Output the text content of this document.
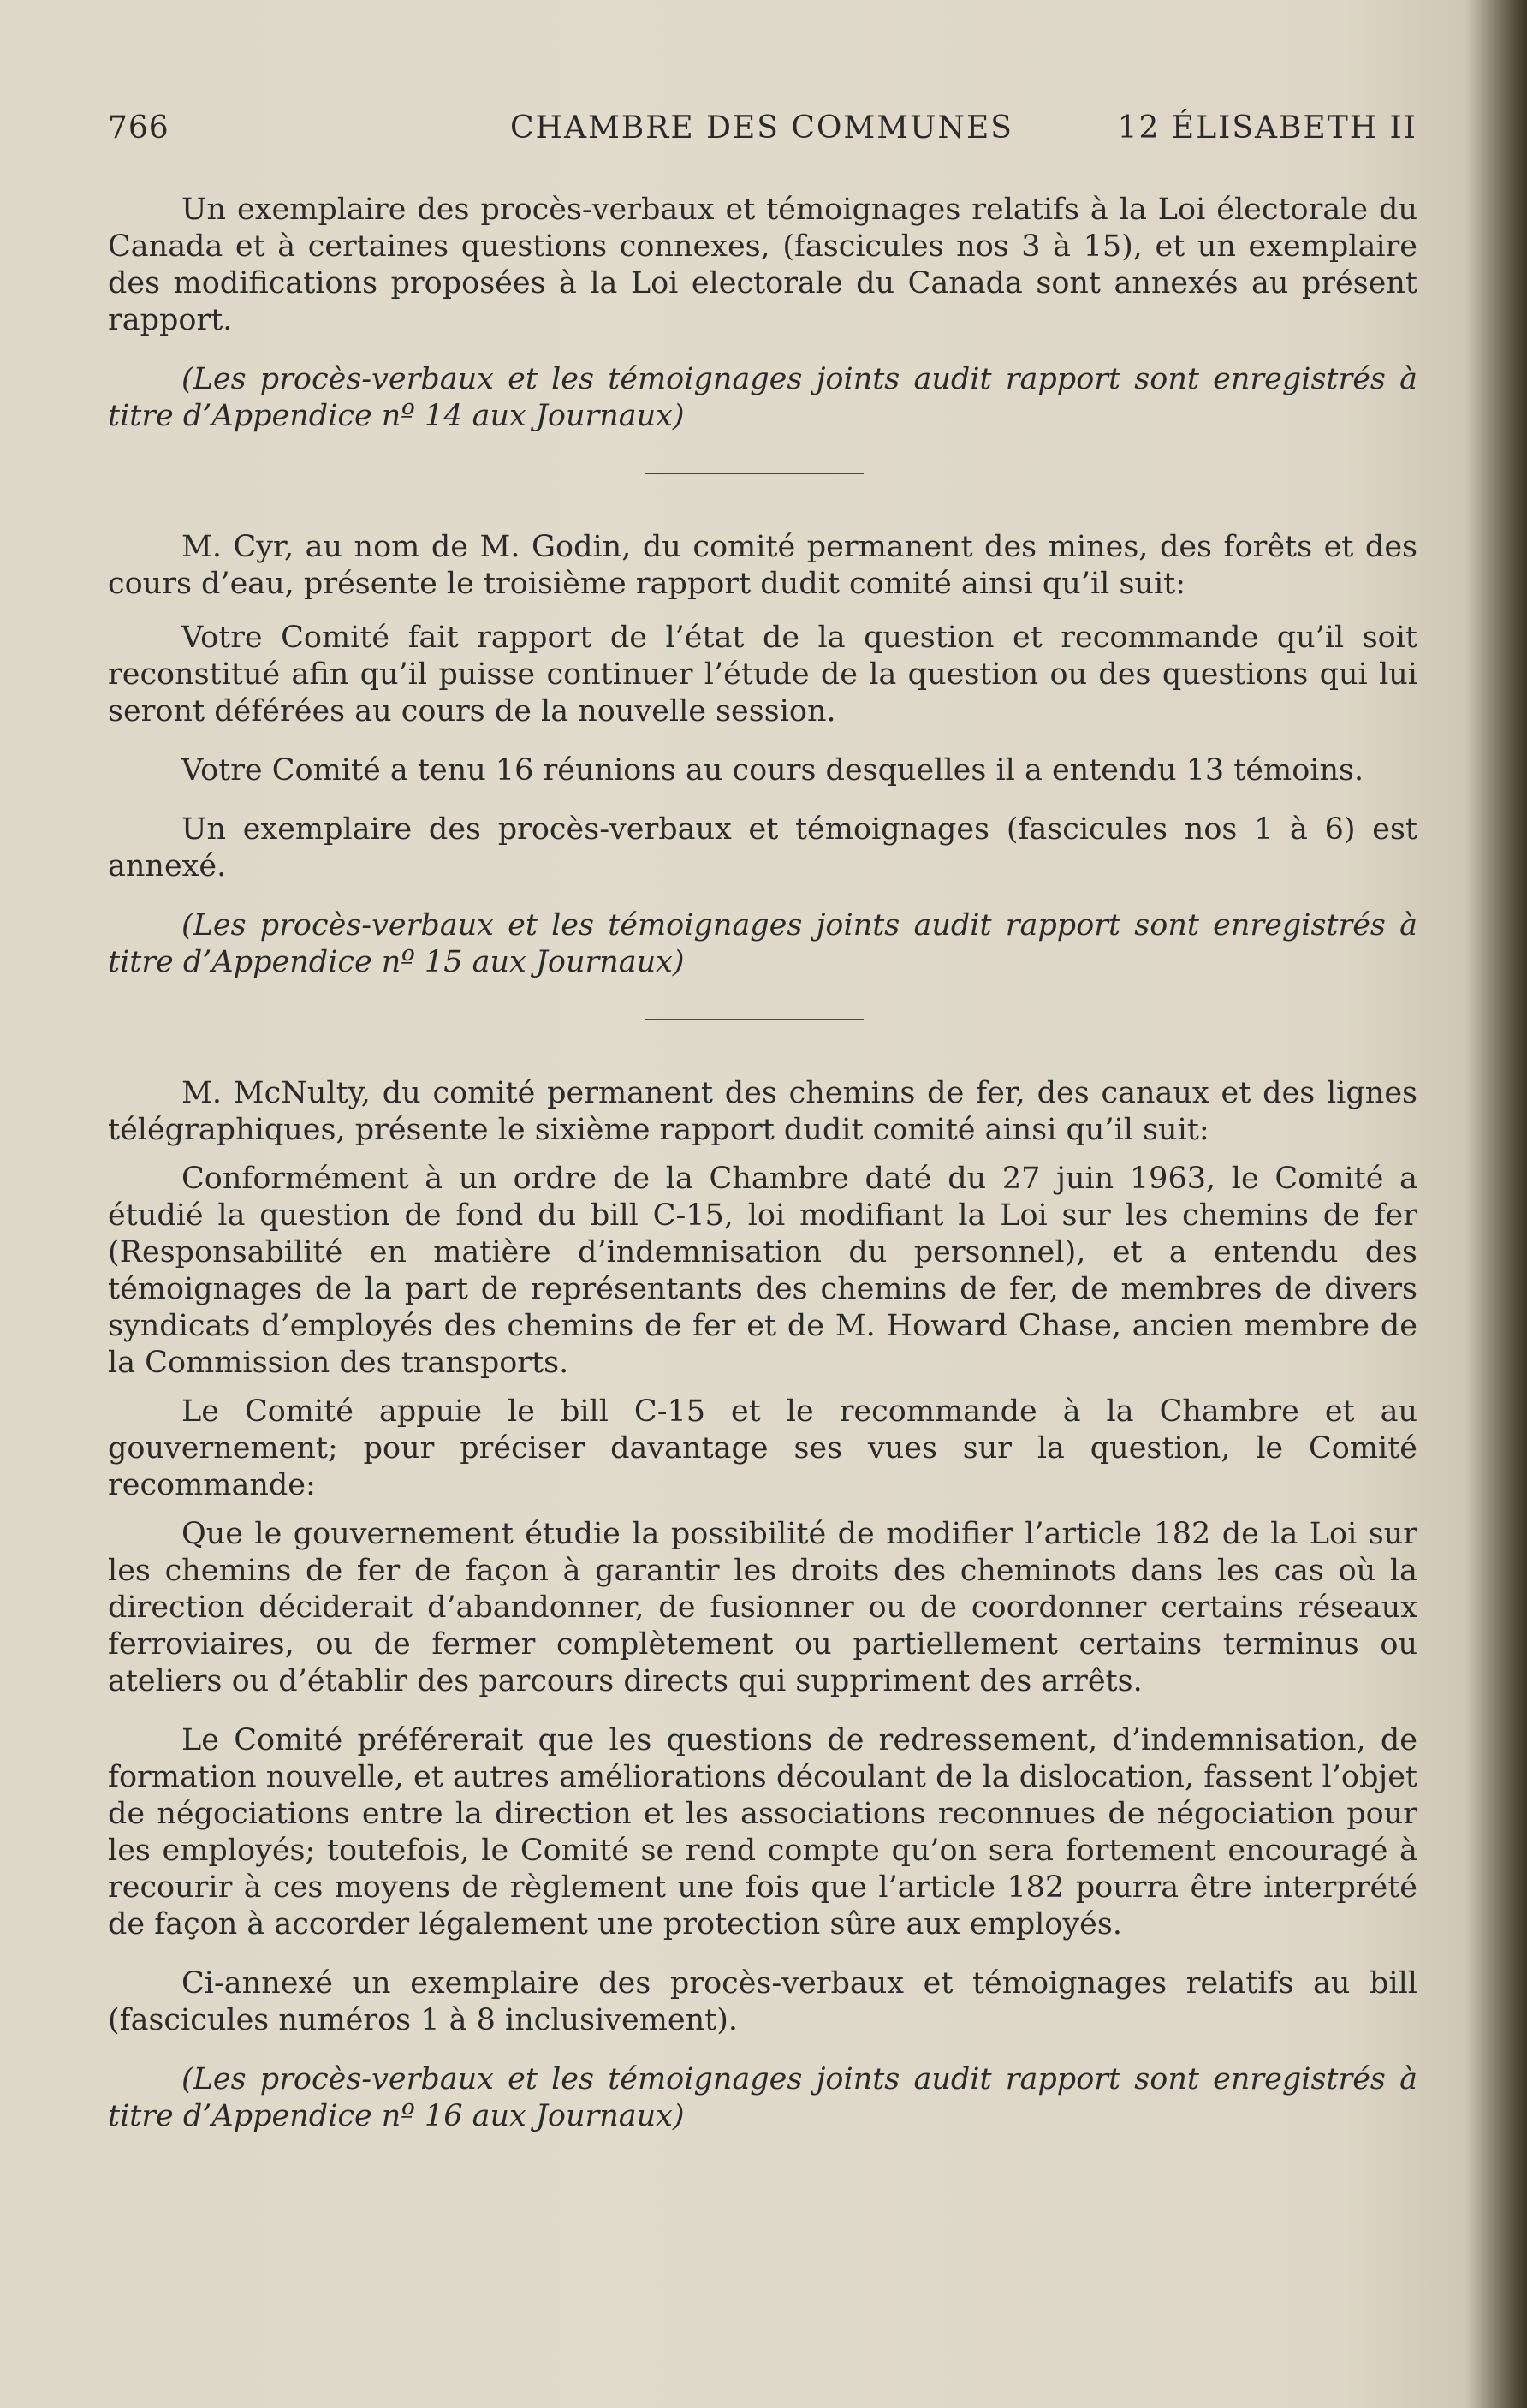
766	CHAMBRE DES COMMUNES	12 ÉLISABETH II

Un exemplaire des procès-verbaux et témoignages relatifs à la Loi électorale du Canada et à certaines questions connexes, (fascicules nos 3 à 15), et un exemplaire des modifications proposées à la Loi electorale du Canada sont annexés au présent rapport.

(Les procès-verbaux et les témoignages joints audit rapport sont enregistrés à titre d’Appendice nº 14 aux Journaux)

M. Cyr, au nom de M. Godin, du comité permanent des mines, des forêts et des cours d’eau, présente le troisième rapport dudit comité ainsi qu’il suit:

Votre Comité fait rapport de l’état de la question et recommande qu’il soit reconstitué afin qu’il puisse continuer l’étude de la question ou des questions qui lui seront déférées au cours de la nouvelle session.

Votre Comité a tenu 16 réunions au cours desquelles il a entendu 13 témoins.

Un exemplaire des procès-verbaux et témoignages (fascicules nos 1 à 6) est annexé.

(Les procès-verbaux et les témoignages joints audit rapport sont enregistrés à titre d’Appendice nº 15 aux Journaux)

M. McNulty, du comité permanent des chemins de fer, des canaux et des lignes télégraphiques, présente le sixième rapport dudit comité ainsi qu’il suit:

Conformément à un ordre de la Chambre daté du 27 juin 1963, le Comité a étudié la question de fond du bill C-15, loi modifiant la Loi sur les chemins de fer (Responsabilité en matière d’indemnisation du personnel), et a entendu des témoignages de la part de représentants des chemins de fer, de membres de divers syndicats d’employés des chemins de fer et de M. Howard Chase, ancien membre de la Commission des transports.

Le Comité appuie le bill C-15 et le recommande à la Chambre et au gouvernement; pour préciser davantage ses vues sur la question, le Comité recommande:

Que le gouvernement étudie la possibilité de modifier l’article 182 de la Loi sur les chemins de fer de façon à garantir les droits des cheminots dans les cas où la direction déciderait d’abandonner, de fusionner ou de coordonner certains réseaux ferroviaires, ou de fermer complètement ou partiellement certains terminus ou ateliers ou d’établir des parcours directs qui suppriment des arrêts.

Le Comité préférerait que les questions de redressement, d’indemnisation, de formation nouvelle, et autres améliorations découlant de la dislocation, fassent l’objet de négociations entre la direction et les associations reconnues de négociation pour les employés; toutefois, le Comité se rend compte qu’on sera fortement encouragé à recourir à ces moyens de règlement une fois que l’article 182 pourra être interprété de façon à accorder légalement une protection sûre aux employés.

Ci-annexé un exemplaire des procès-verbaux et témoignages relatifs au bill (fascicules numéros 1 à 8 inclusivement).

(Les procès-verbaux et les témoignages joints audit rapport sont enregistrés à titre d’Appendice nº 16 aux Journaux)
